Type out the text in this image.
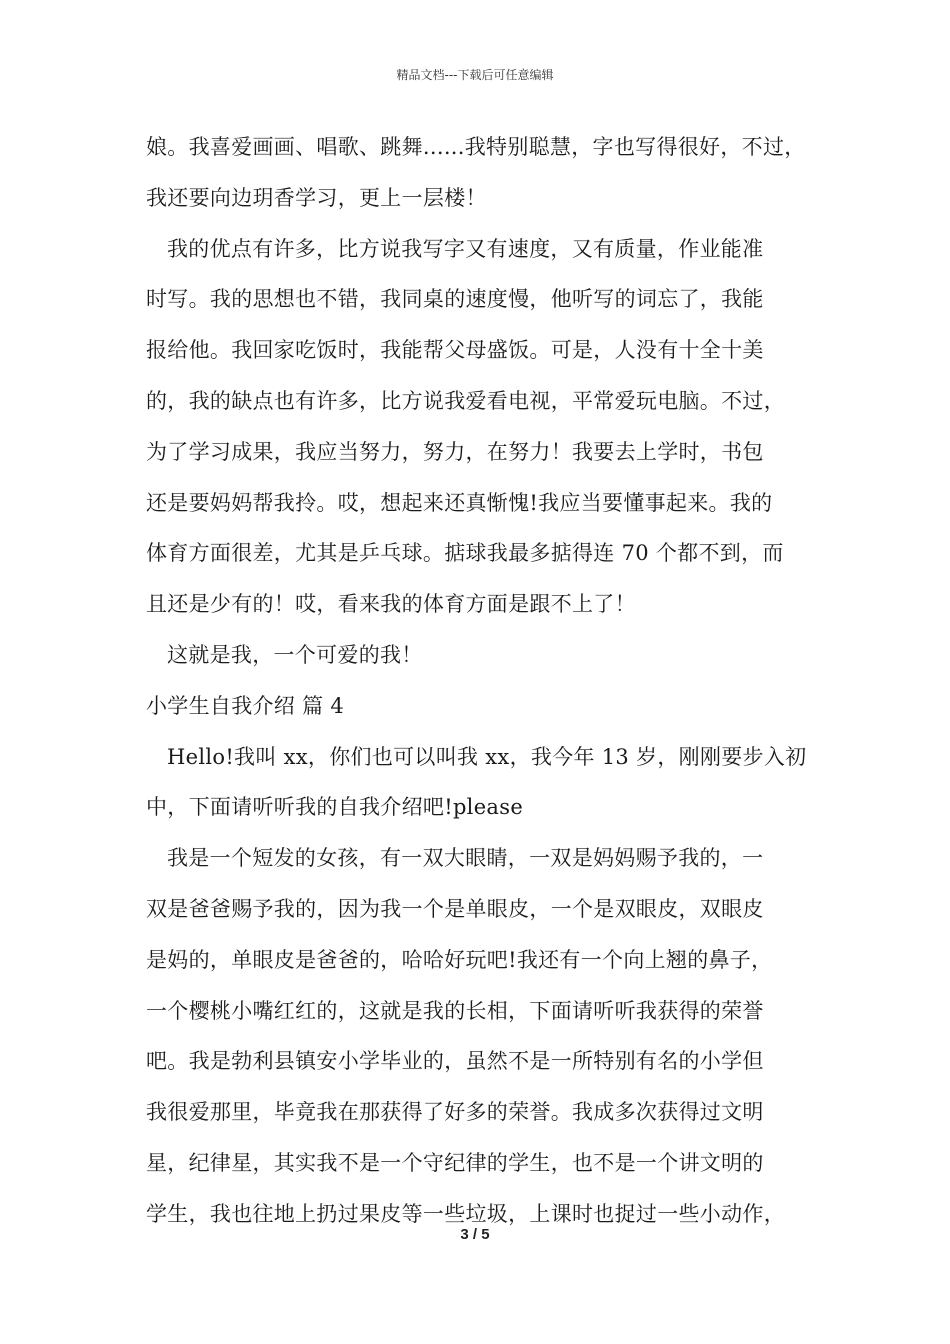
精品文档---下载后可任意编辑
娘。我喜爱画画、唱歌、跳舞......我特别聪慧，字也写得很好，不过，
我还要向边玥香学习，更上一层楼！
我的优点有许多，比方说我写字又有速度，又有质量，作业能准
时写。我的思想也不错，我同桌的速度慢，他听写的词忘了，我能
报给他。我回家吃饭时，我能帮父母盛饭。可是，人没有十全十美
的，我的缺点也有许多，比方说我爱看电视，平常爱玩电脑。不过，
为了学习成果，我应当努力，努力，在努力！我要去上学时，书包
还是要妈妈帮我拎。哎，想起来还真惭愧!我应当要懂事起来。我的
体育方面很差，尤其是乒乓球。掂球我最多掂得连 70 个都不到，而
且还是少有的！哎，看来我的体育方面是跟不上了！
这就是我，一个可爱的我！
小学生自我介绍 篇 4
Hello!我叫 xx，你们也可以叫我 xx，我今年 13 岁，刚刚要步入初
中，下面请听听我的自我介绍吧!please
我是一个短发的女孩，有一双大眼睛，一双是妈妈赐予我的，一
双是爸爸赐予我的，因为我一个是单眼皮，一个是双眼皮，双眼皮
是妈的，单眼皮是爸爸的，哈哈好玩吧!我还有一个向上翘的鼻子，
一个樱桃小嘴红红的，这就是我的长相，下面请听听我获得的荣誉
吧。我是勃利县镇安小学毕业的，虽然不是一所特别有名的小学但
我很爱那里，毕竟我在那获得了好多的荣誉。我成多次获得过文明
星，纪律星，其实我不是一个守纪律的学生，也不是一个讲文明的
学生，我也往地上扔过果皮等一些垃圾，上课时也捉过一些小动作，
3 / 5
